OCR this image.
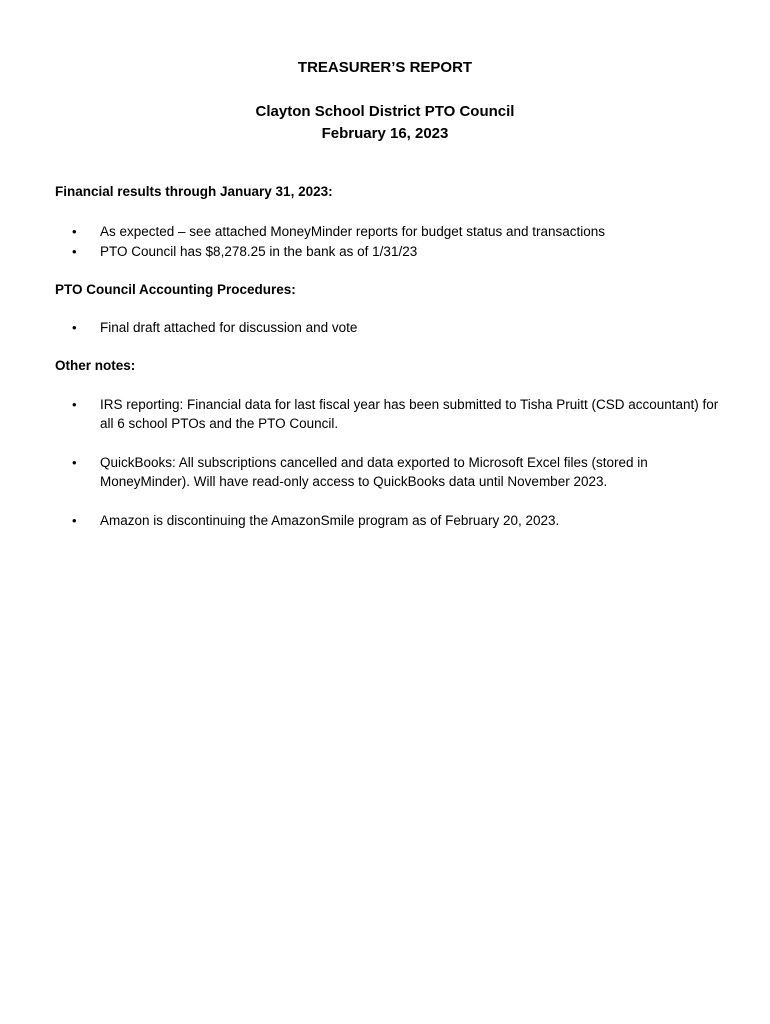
TREASURER’S REPORT
Clayton School District PTO Council
February 16, 2023
Financial results through January 31, 2023:
•	As expected – see attached MoneyMinder reports for budget status and transactions
•	PTO Council has $8,278.25 in the bank as of 1/31/23
PTO Council Accounting Procedures:
•	Final draft attached for discussion and vote
Other notes:
•	IRS reporting: Financial data for last fiscal year has been submitted to Tisha Pruitt (CSD accountant) for all 6 school PTOs and the PTO Council.
•	QuickBooks: All subscriptions cancelled and data exported to Microsoft Excel files (stored in MoneyMinder). Will have read-only access to QuickBooks data until November 2023.
•	Amazon is discontinuing the AmazonSmile program as of February 20, 2023.
